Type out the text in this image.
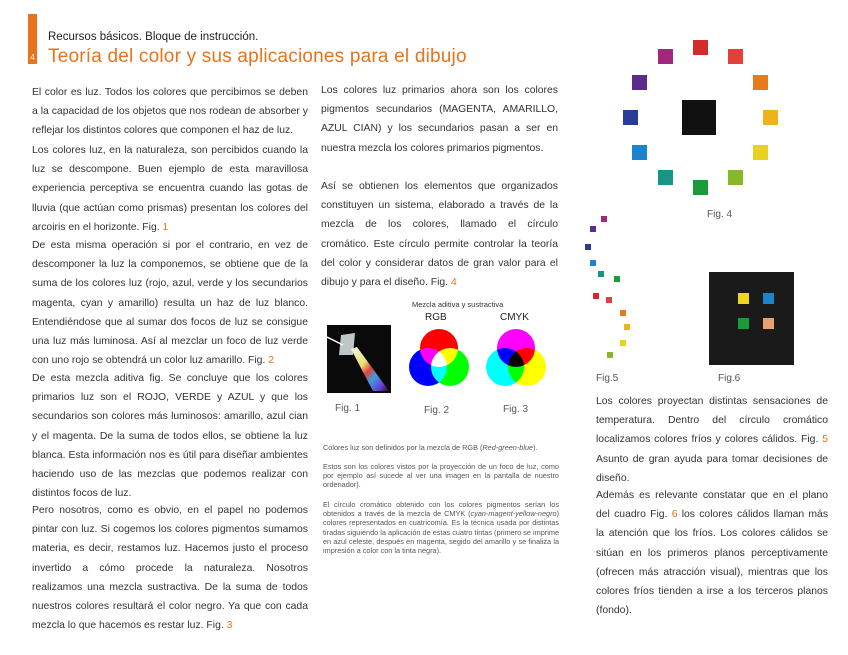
4
Recursos básicos. Bloque de instrucción.
Teoría del color y sus aplicaciones para el dibujo
El color es luz. Todos los colores que percibimos se deben a la capacidad de los objetos que nos rodean de absorber y reflejar los distintos colores que componen el haz de luz.
Los colores luz, en la naturaleza, son percibidos cuando la luz se descompone. Buen ejemplo de esta maravillosa experiencia perceptiva se encuentra cuando las gotas de lluvia (que actúan como prismas) presentan los colores del arcoiris en el horizonte. Fig. 1
De esta misma operación si por el contrario, en vez de descomponer la luz la componemos, se obtiene que de la suma de los colores luz (rojo, azul, verde y los secundarios magenta, cyan y amarillo) resulta un haz de luz blanco. Entendiéndose que al sumar dos focos de luz se consigue una luz más luminosa. Así al mezclar un foco de luz verde con uno rojo se obtendrá un color luz amarillo. Fig. 2
De esta mezcla aditiva fig. Se concluye que los colores primarios luz son el ROJO, VERDE y AZUL y que los secundarios son colores más luminosos: amarillo, azul cian y el magenta. De la suma de todos ellos, se obtiene la luz blanca. Esta información nos es útil para diseñar ambientes haciendo uso de las mezclas que podemos realizar con distintos focos de luz.
Pero nosotros, como es obvio, en el papel no podemos pintar con luz. Si cogemos los colores pigmentos sumamos materia, es decir, restamos luz. Hacemos justo el proceso invertido a cómo procede la naturaleza. Nosotros realizamos una mezcla sustractiva. De la suma de todos nuestros colores resultará el color negro. Ya que con cada mezcla lo que hacemos es restar luz. Fig. 3
Los colores luz primarios ahora son los colores pigmentos secundarios (MAGENTA, AMARILLO, AZUL CIAN) y los secundarios pasan a ser en nuestra mezcla los colores primarios pigmentos.
Así se obtienen los elementos que organizados constituyen un sistema, elaborado a través de la mezcla de los colores, llamado el círculo cromático. Este círculo permite controlar la teoría del color y considerar datos de gran valor para el dibujo y para el diseño. Fig. 4
Mezcla aditiva y sustractiva
RGB	CMYK
Fig. 1	Fig. 2	Fig. 3
Colores luz son definidos por la mezcla de RGB (Red-green-blue).
Estos son los colores vistos por la proyección de un foco de luz, como por ejemplo así sucede al ver una imagen en la pantalla de nuestro ordenador).
El círculo cromático obtenido con los colores pigmentos serían los obtenidos a través de la mezcla de CMYK (cyan-magent-yellow-negro) colores representados en cuatricomía. Es la técnica usada por distintas tiradas siguiendo la aplicación de estas cuatro tintas (primero se imprime en azul celeste, después en magenta, segido del amarillo y se finaliza la impresión a color con la tinta negra).
Fig. 4
Fig.5	Fig.6
Los colores proyectan distintas sensaciones de temperatura. Dentro del círculo cromático localizamos colores fríos y colores cálidos. Fig. 5 Asunto de gran ayuda para tomar decisiones de diseño.
Además es relevante constatar que en el plano del cuadro Fig. 6 los colores cálidos llaman más la atención que los fríos. Los colores cálidos se sitúan en los primeros planos perceptivamente (ofrecen más atracción visual), mientras que los colores fríos tienden a irse a los terceros planos (fondo).
